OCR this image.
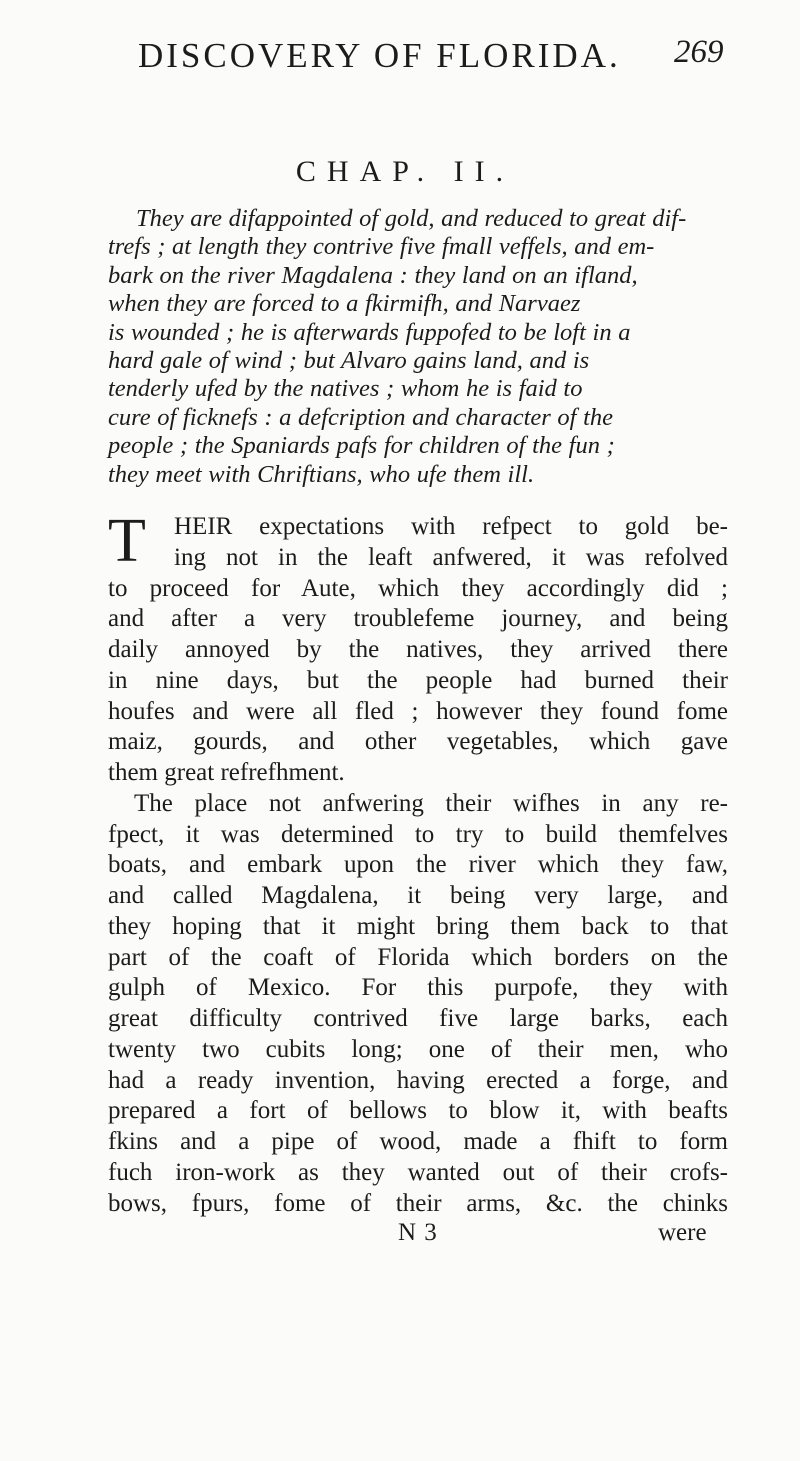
DISCOVERY OF FLORIDA. 269
CHAP. II.
They are difappointed of gold, and reduced to great dif-
trefs ; at length they contrive five fmall veffels, and em-
bark on the river Magdalena : they land on an ifland,
when they are forced to a fkirmifh, and Narvaez
is wounded ; he is afterwards fuppofed to be loft in a
hard gale of wind ; but Alvaro gains land, and is
tenderly ufed by the natives ; whom he is faid to
cure of ficknefs : a defcription and character of the
people ; the Spaniards pafs for children of the fun ;
they meet with Chriftians, who ufe them ill.
T HEIR expectations with refpect to gold be-
ing not in the leaft anfwered, it was refolved
to proceed for Aute, which they accordingly did ;
and after a very troublefeme journey, and being
daily annoyed by the natives, they arrived there
in nine days, but the people had burned their
houfes and were all fled ; however they found fome
maiz, gourds, and other vegetables, which gave
them great refrefhment.
The place not anfwering their wifhes in any re-
fpect, it was determined to try to build themfelves
boats, and embark upon the river which they faw,
and called Magdalena, it being very large, and
they hoping that it might bring them back to that
part of the coaft of Florida which borders on the
gulph of Mexico. For this purpofe, they with
great difficulty contrived five large barks, each
twenty two cubits long; one of their men, who
had a ready invention, having erected a forge, and
prepared a fort of bellows to blow it, with beafts
fkins and a pipe of wood, made a fhift to form
fuch iron-work as they wanted out of their crofs-
bows, fpurs, fome of their arms, &c. the chinks
N 3	were
